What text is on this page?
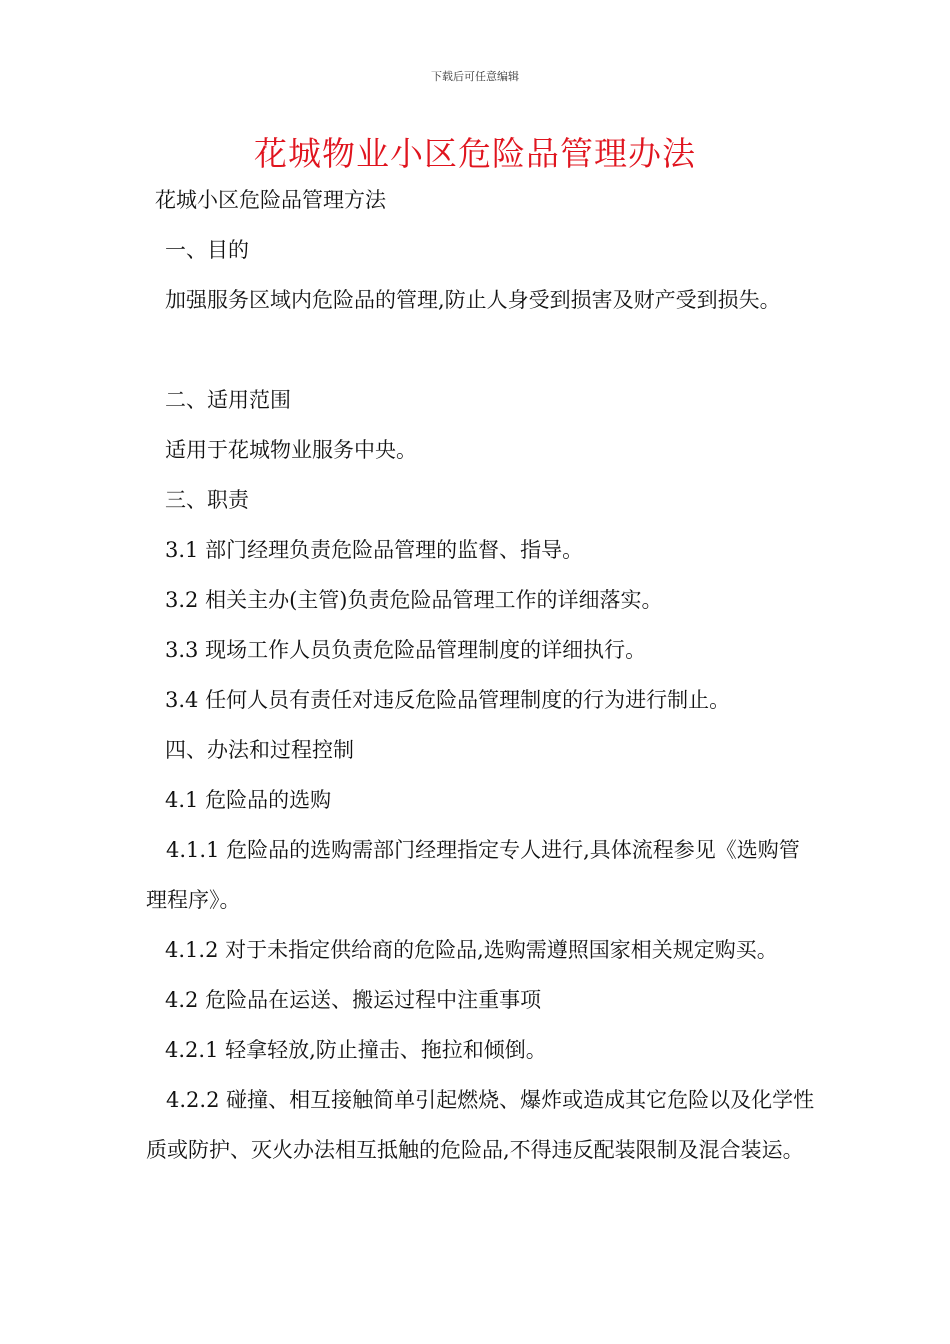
下载后可任意编辑
花城物业小区危险品管理办法
花城小区危险品管理方法
一、目的
加强服务区域内危险品的管理,防止人身受到损害及财产受到损失。
二、适用范围
适用于花城物业服务中央。
三、职责
3.1 部门经理负责危险品管理的监督、指导。
3.2 相关主办(主管)负责危险品管理工作的详细落实。
3.3 现场工作人员负责危险品管理制度的详细执行。
3.4 任何人员有责任对违反危险品管理制度的行为进行制止。
四、办法和过程控制
4.1 危险品的选购
4.1.1 危险品的选购需部门经理指定专人进行,具体流程参见《选购管理程序》。
4.1.2 对于未指定供给商的危险品,选购需遵照国家相关规定购买。
4.2 危险品在运送、搬运过程中注重事项
4.2.1 轻拿轻放,防止撞击、拖拉和倾倒。
4.2.2 碰撞、相互接触简单引起燃烧、爆炸或造成其它危险以及化学性质或防护、灭火办法相互抵触的危险品,不得违反配装限制及混合装运。
